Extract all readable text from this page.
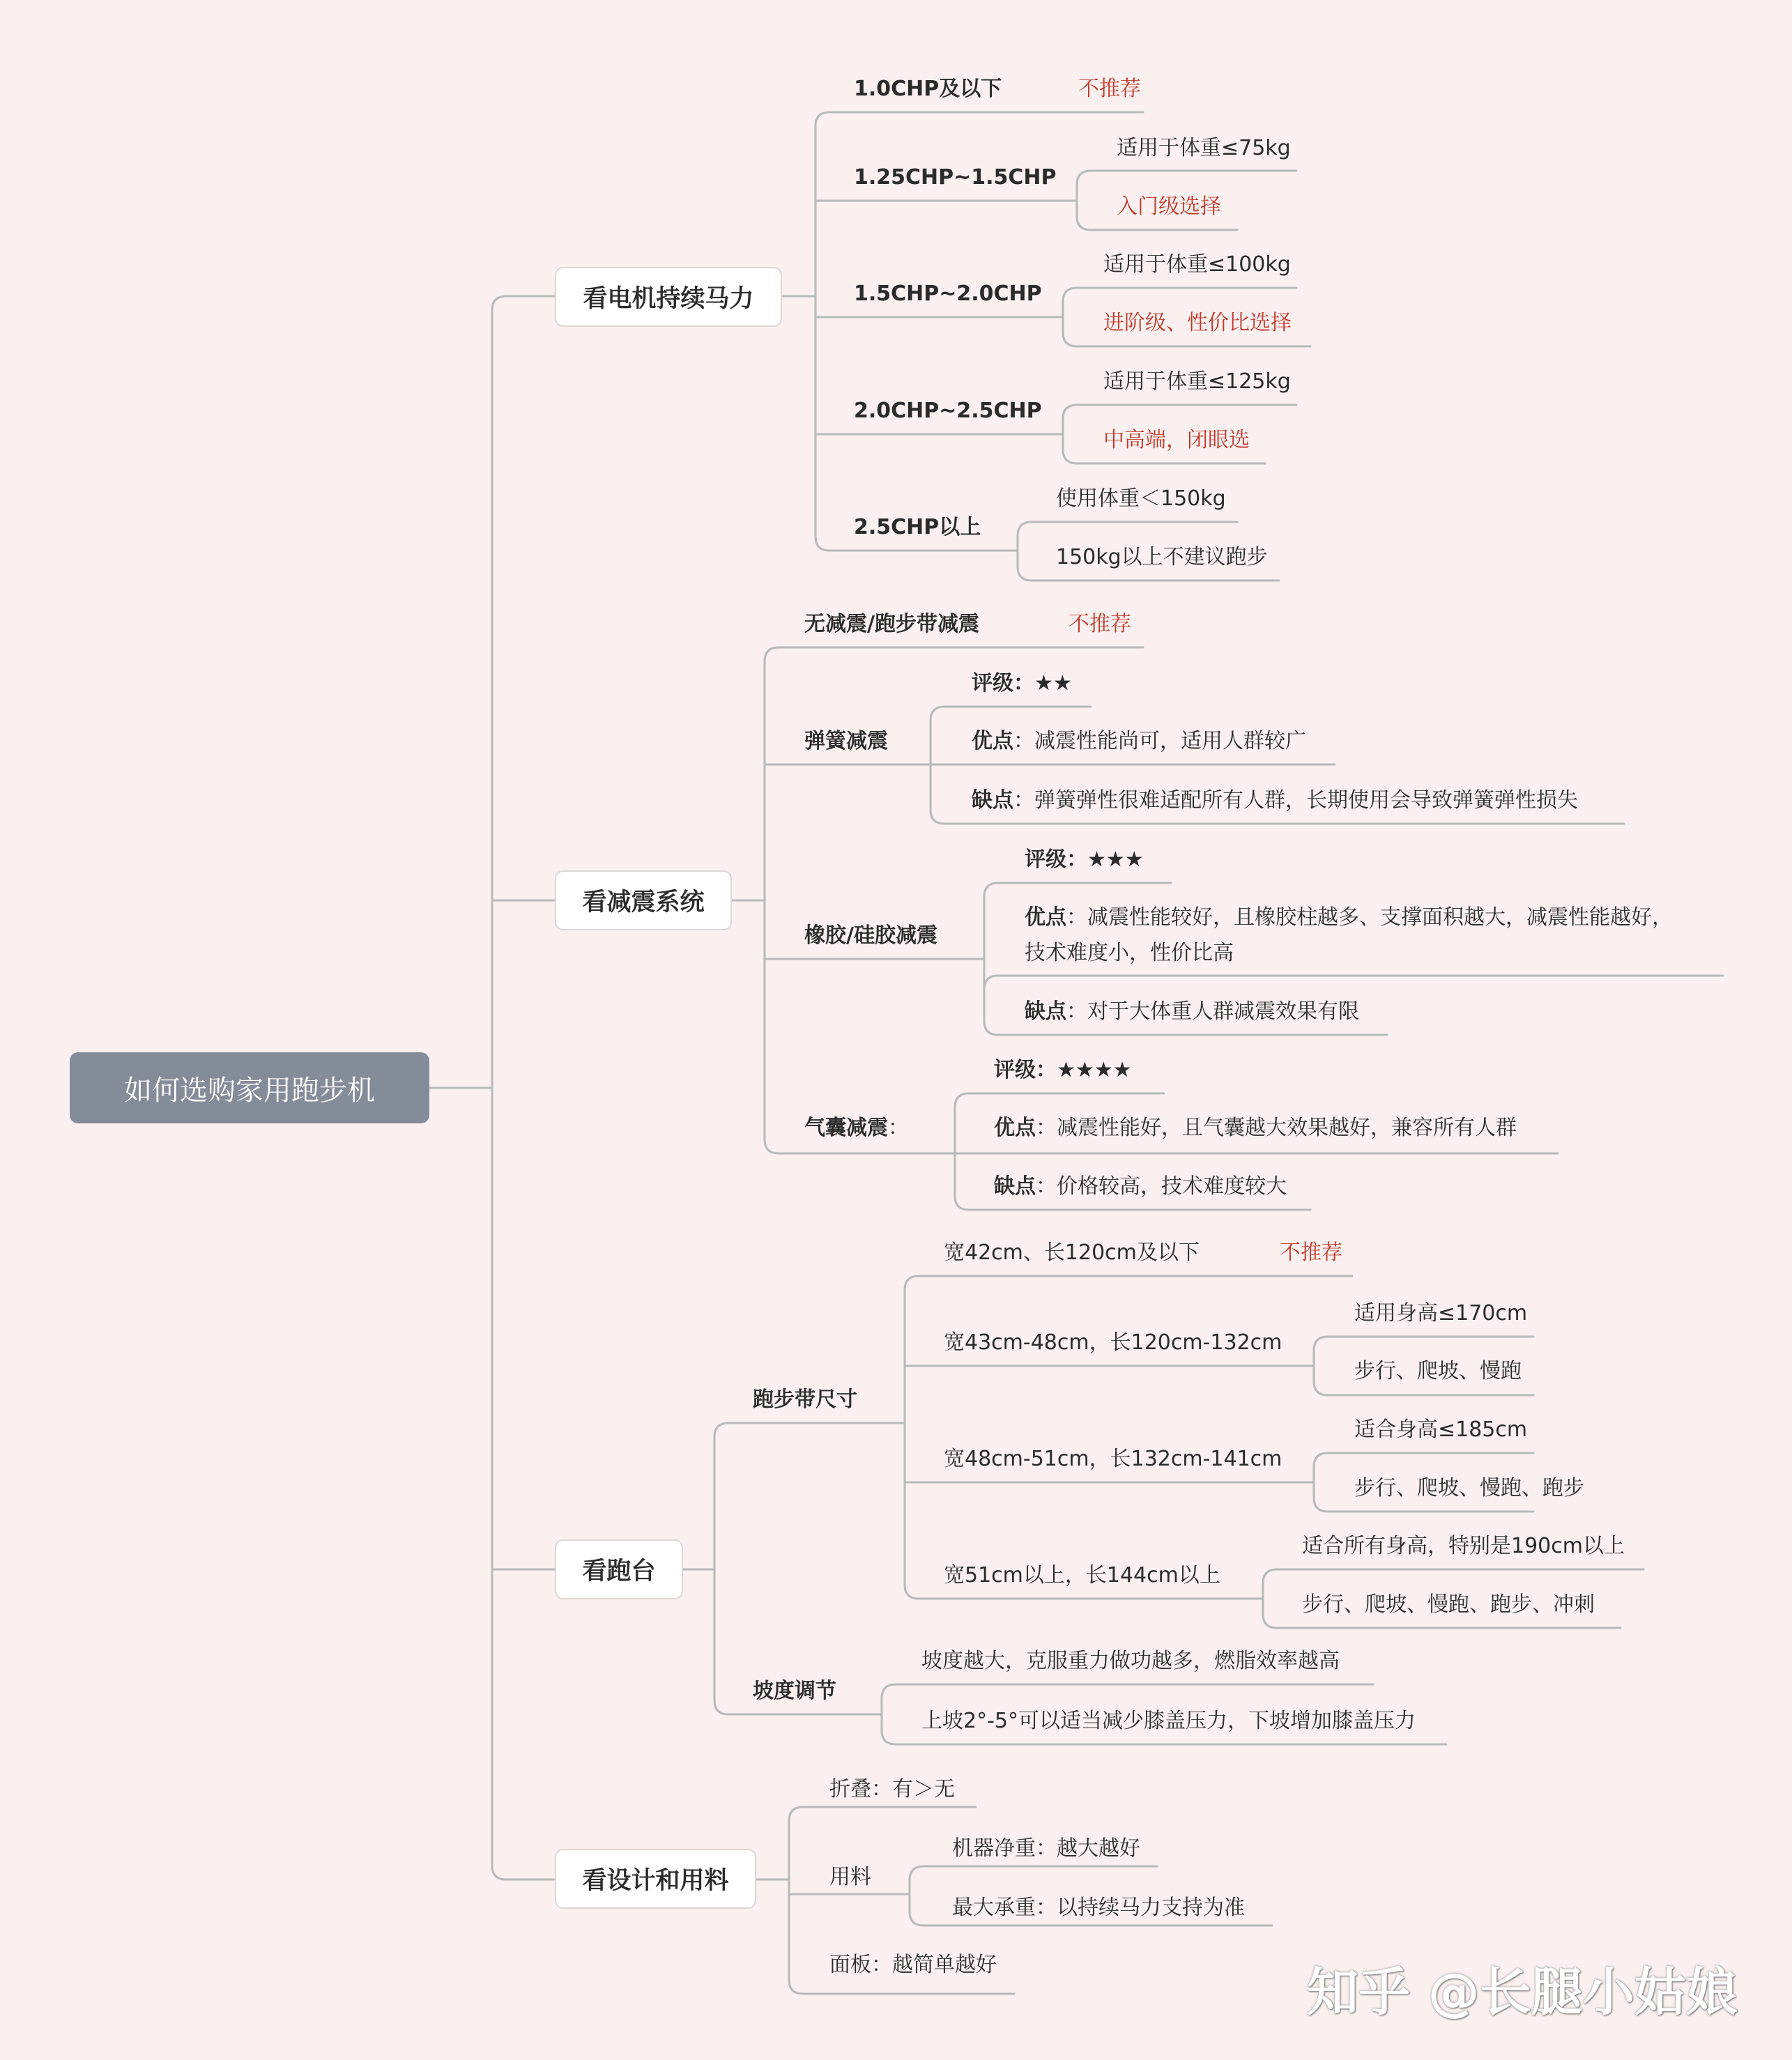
如何选购家用跑步机
看电机持续马力
看减震系统
看跑台
看设计和用料
1.0CHP及以下	不推荐
1.25CHP~1.5CHP
适用于体重≤75kg
入门级选择
1.5CHP~2.0CHP
适用于体重≤100kg
进阶级、性价比选择
2.0CHP~2.5CHP
适用于体重≤125kg
中高端，闭眼选
2.5CHP以上
使用体重＜150kg
150kg以上不建议跑步
无减震/跑步带减震	不推荐
弹簧减震
评级：★★
优点：减震性能尚可，适用人群较广
缺点：弹簧弹性很难适配所有人群，长期使用会导致弹簧弹性损失
橡胶/硅胶减震
评级：★★★
优点：减震性能较好，且橡胶柱越多、支撑面积越大，减震性能越好，
技术难度小，性价比高
缺点：对于大体重人群减震效果有限
气囊减震：
评级：★★★★
优点：减震性能好，且气囊越大效果越好，兼容所有人群
缺点：价格较高，技术难度较大
跑步带尺寸
宽42cm、长120cm及以下	不推荐
宽43cm-48cm，长120cm-132cm
适用身高≤170cm
步行、爬坡、慢跑
宽48cm-51cm，长132cm-141cm
适合身高≤185cm
步行、爬坡、慢跑、跑步
宽51cm以上，长144cm以上
适合所有身高，特别是190cm以上
步行、爬坡、慢跑、跑步、冲刺
坡度调节
坡度越大，克服重力做功越多，燃脂效率越高
上坡2°-5°可以适当减少膝盖压力，下坡增加膝盖压力
折叠：有＞无
用料
机器净重：越大越好
最大承重：以持续马力支持为准
面板：越简单越好	知乎 @长腿小姑娘
